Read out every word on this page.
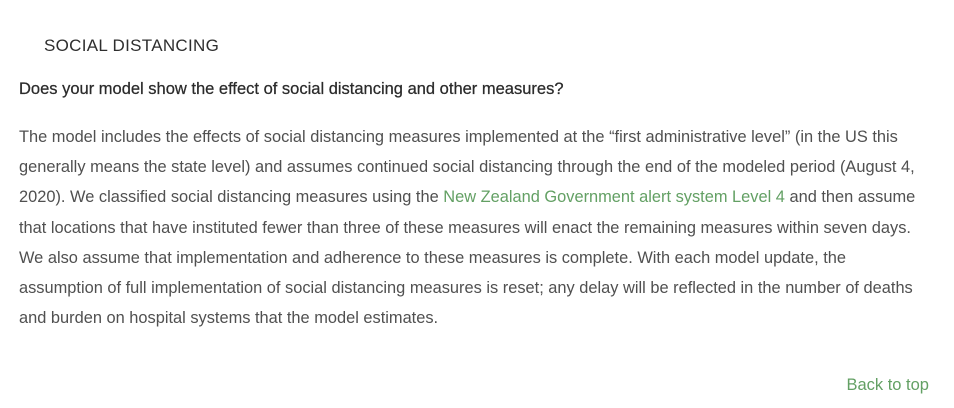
SOCIAL DISTANCING
Does your model show the effect of social distancing and other measures?

The model includes the effects of social distancing measures implemented at the “first administrative level” (in the US this generally means the state level) and assumes continued social distancing through the end of the modeled period (August 4, 2020). We classified social distancing measures using the New Zealand Government alert system Level 4 and then assume that locations that have instituted fewer than three of these measures will enact the remaining measures within seven days. We also assume that implementation and adherence to these measures is complete. With each model update, the assumption of full implementation of social distancing measures is reset; any delay will be reflected in the number of deaths and burden on hospital systems that the model estimates.

Back to top
